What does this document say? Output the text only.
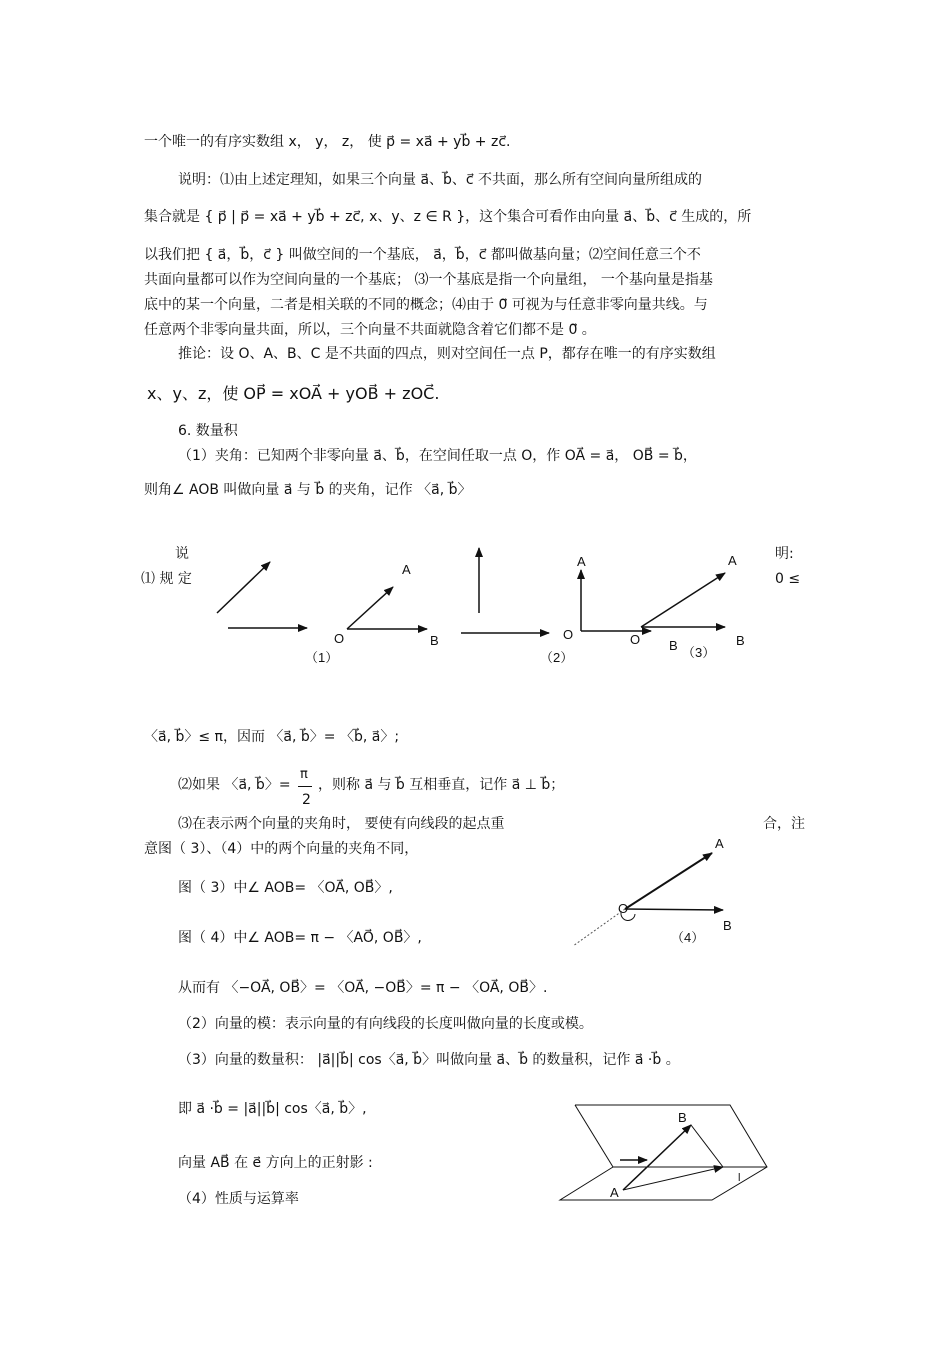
一个唯一的有序实数组 x， y， z， 使 p⃗ = xa⃗ + yb⃗ + zc⃗.
说明：⑴由上述定理知，如果三个向量 a⃗、b⃗、c⃗ 不共面，那么所有空间向量所组成的
集合就是 { p⃗ | p⃗ = xa⃗ + yb⃗ + zc⃗, x、y、z ∈ R }，这个集合可看作由向量 a⃗、b⃗、c⃗ 生成的，所
以我们把 { a⃗，b⃗，c⃗ } 叫做空间的一个基底， a⃗，b⃗，c⃗ 都叫做基向量；⑵空间任意三个不
共面向量都可以作为空间向量的一个基底； ⑶一个基底是指一个向量组， 一个基向量是指基
底中的某一个向量，二者是相关联的不同的概念；⑷由于 0⃗ 可视为与任意非零向量共线。与
任意两个非零向量共面，所以，三个向量不共面就隐含着它们都不是 0⃗ 。
推论：设 O、A、B、C 是不共面的四点，则对空间任一点 P，都存在唯一的有序实数组
x、y、z，使 OP⃗ = xOA⃗ + yOB⃗ + zOC⃗.
6. 数量积
（1）夹角：已知两个非零向量 a⃗、b⃗，在空间任取一点 O，作 OA⃗ = a⃗， OB⃗ = b⃗，
则角∠ AOB 叫做向量 a⃗ 与 b⃗ 的夹角，记作 〈a⃗, b⃗〉
说	明:
⑴ 规 定	0 ≤
A
O	B
（1）
A
O
（2）
A
O B	B
（3）
〈a⃗, b⃗〉≤ π，因而 〈a⃗, b⃗〉= 〈b⃗, a⃗〉;
⑵如果 〈a⃗, b⃗〉=
π
2
，则称 a⃗ 与 b⃗ 互相垂直，记作 a⃗ ⊥ b⃗；
⑶在表示两个向量的夹角时， 要使有向线段的起点重	合，注
意图（ 3）、（4）中的两个向量的夹角不同，
图（ 3）中∠ AOB= 〈OA⃗, OB⃗〉,
图（ 4）中∠ AOB= π − 〈AO⃗, OB⃗〉,
A
O
B
（4）
从而有 〈−OA⃗, OB⃗〉= 〈OA⃗, −OB⃗〉= π − 〈OA⃗, OB⃗〉.
（2）向量的模：表示向量的有向线段的长度叫做向量的长度或模。
（3）向量的数量积： |a⃗||b⃗| cos〈a⃗, b⃗〉叫做向量 a⃗、b⃗ 的数量积，记作 a⃗ ·b⃗ 。
即 a⃗ ·b⃗ = |a⃗||b⃗| cos〈a⃗, b⃗〉,
B
A
l
向量 AB⃗ 在 e⃗ 方向上的正射影 :
（4）性质与运算率
